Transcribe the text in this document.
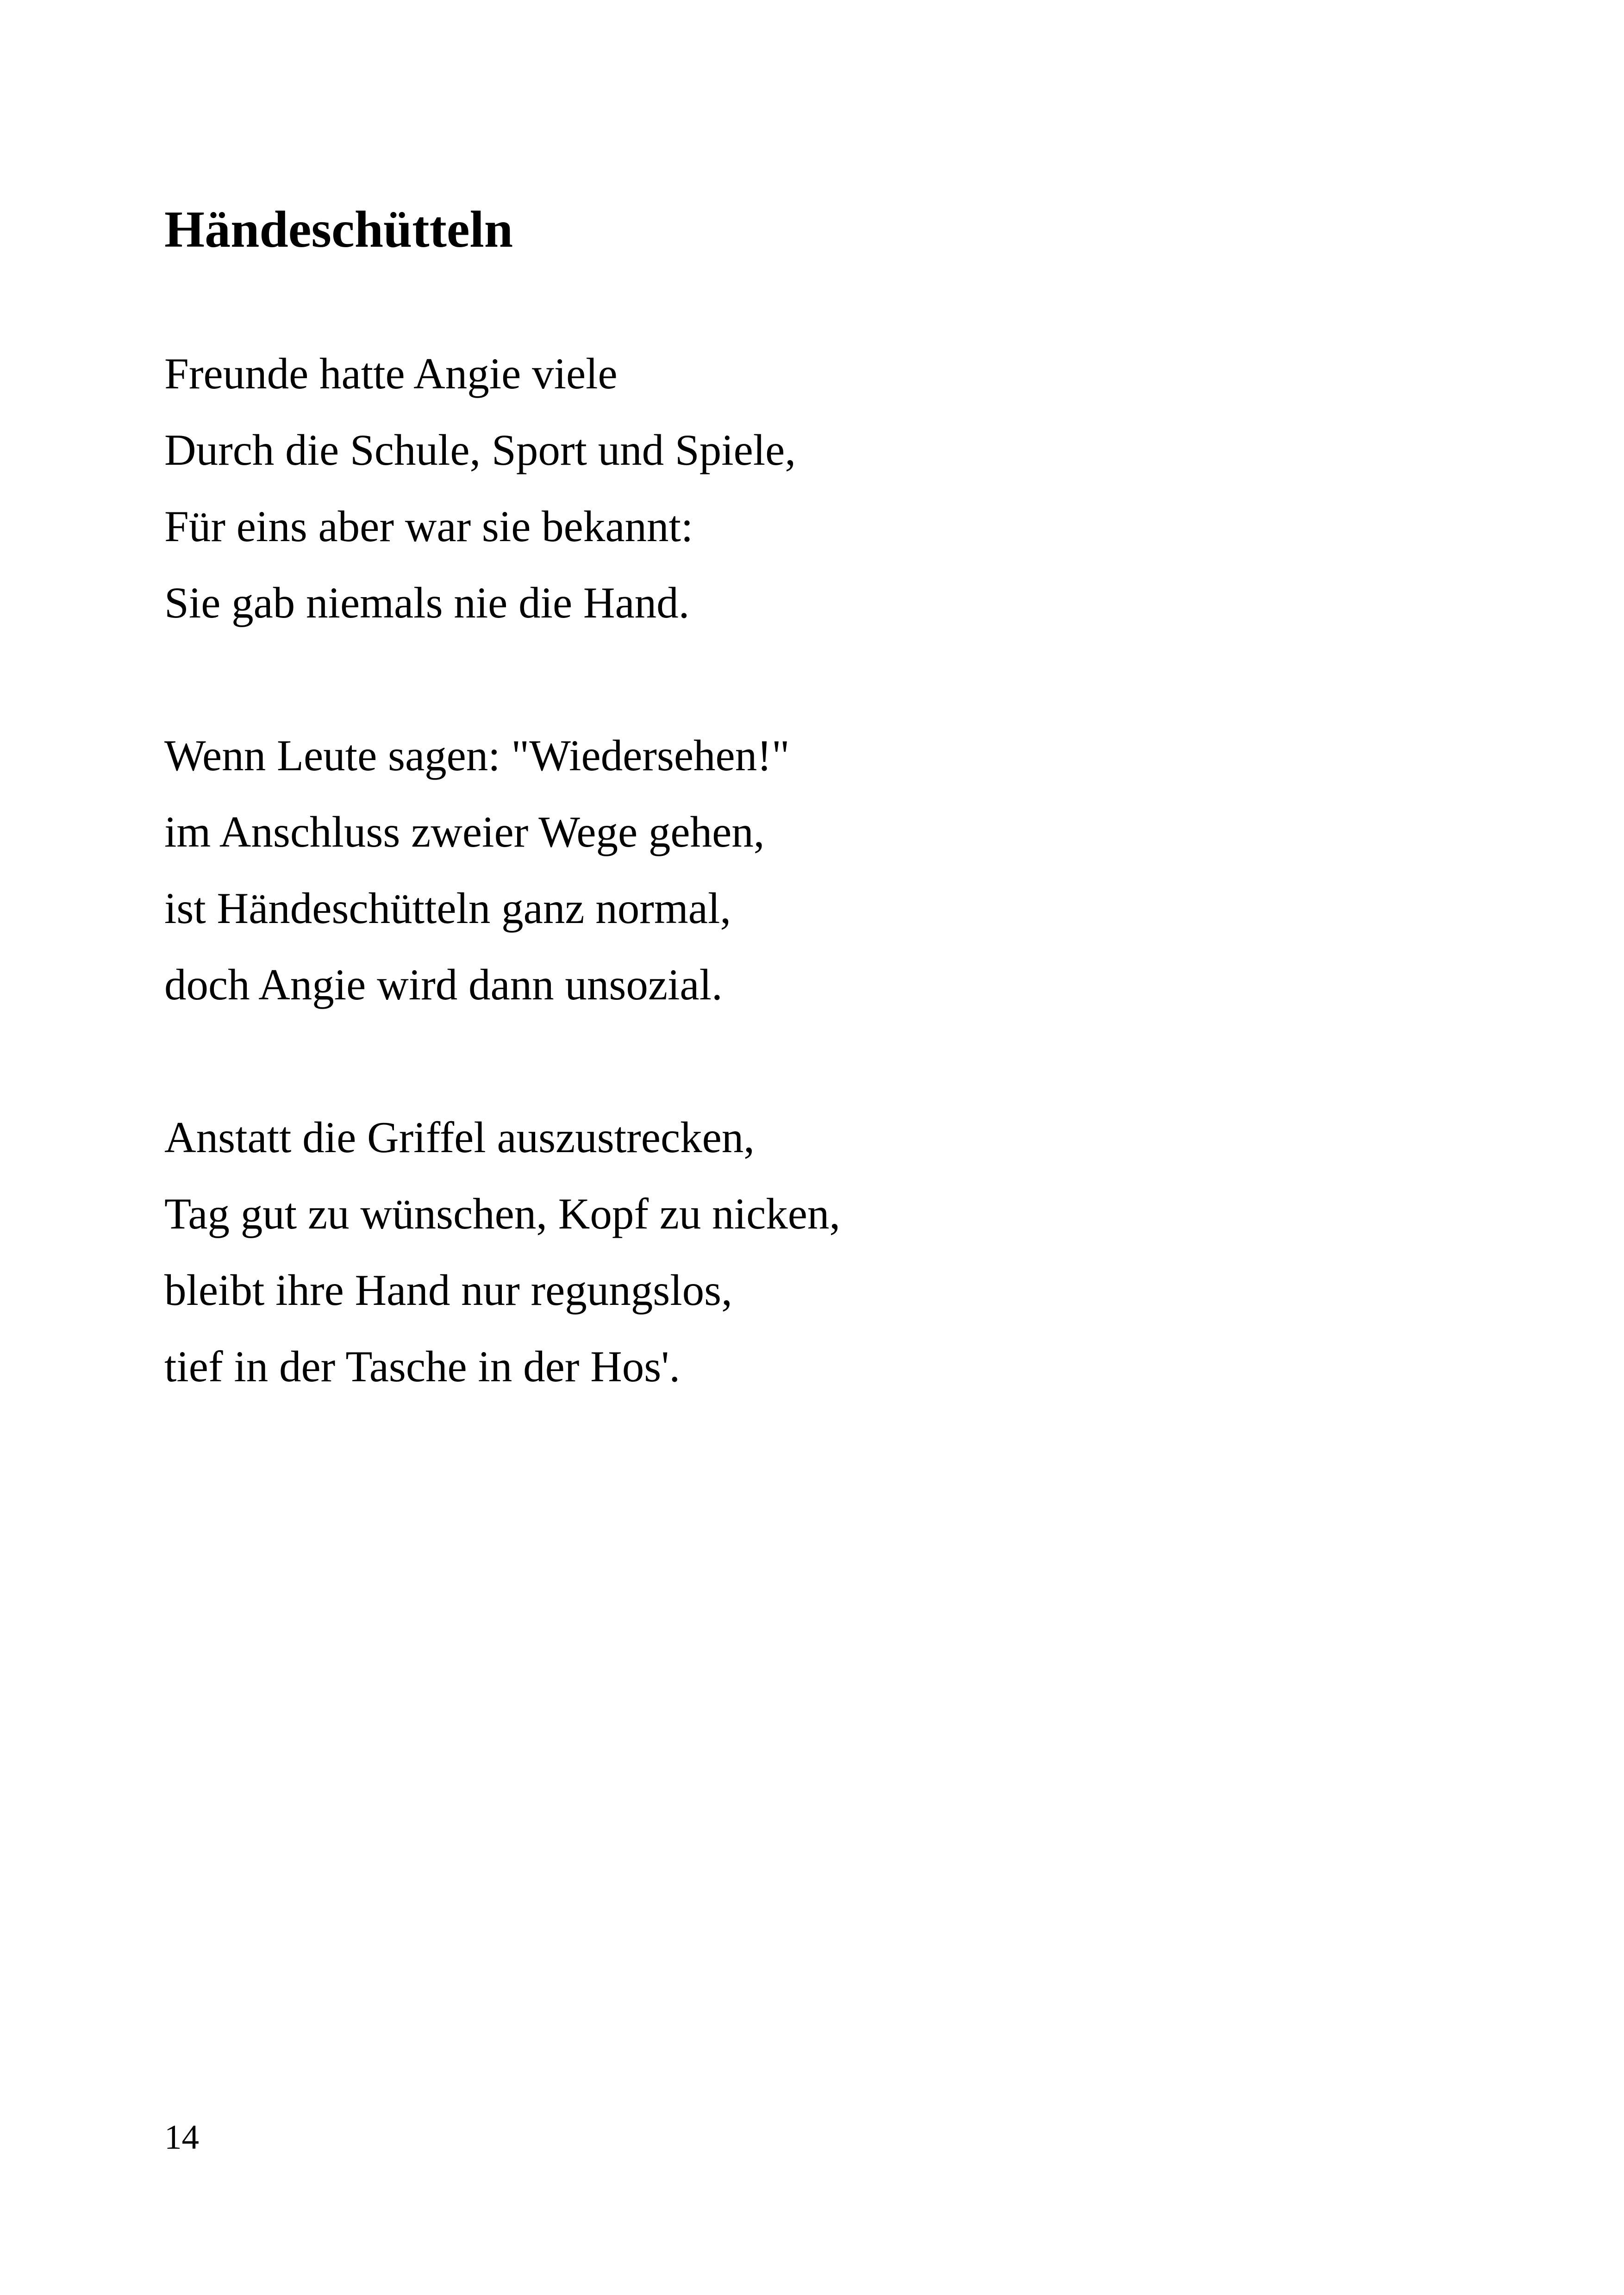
Händeschütteln
Freunde hatte Angie viele
Durch die Schule, Sport und Spiele,
Für eins aber war sie bekannt:
Sie gab niemals nie die Hand.
Wenn Leute sagen: "Wiedersehen!"
im Anschluss zweier Wege gehen,
ist Händeschütteln ganz normal,
doch Angie wird dann unsozial.
Anstatt die Griffel auszustrecken,
Tag gut zu wünschen, Kopf zu nicken,
bleibt ihre Hand nur regungslos,
tief in der Tasche in der Hos'.
14
